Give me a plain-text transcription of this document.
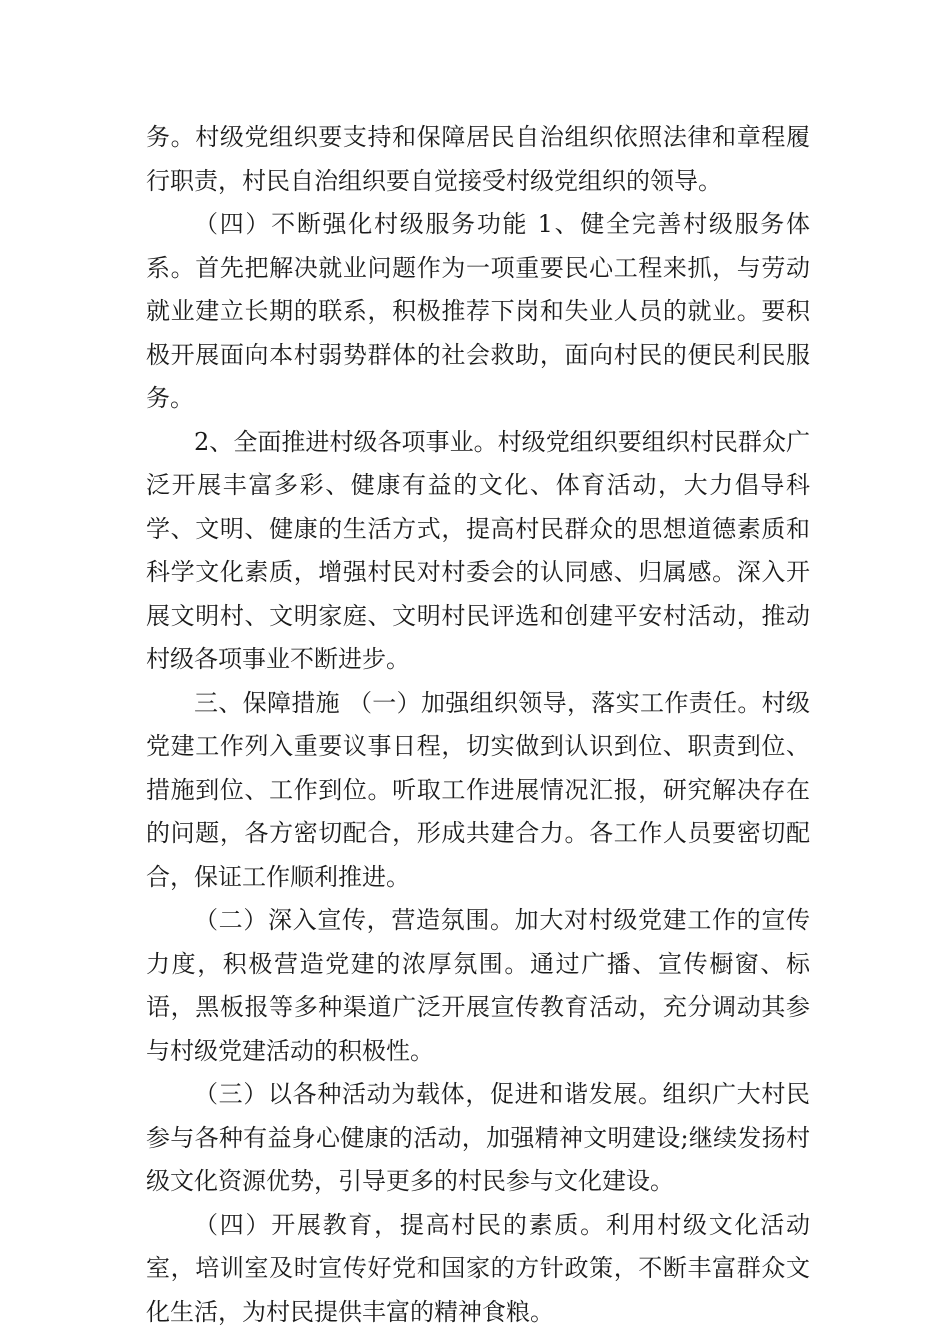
务。村级党组织要支持和保障居民自治组织依照法律和章程履行职责，村民自治组织要自觉接受村级党组织的领导。

（四）不断强化村级服务功能 1、健全完善村级服务体系。首先把解决就业问题作为一项重要民心工程来抓，与劳动就业建立长期的联系，积极推荐下岗和失业人员的就业。要积极开展面向本村弱势群体的社会救助，面向村民的便民利民服务。

2、全面推进村级各项事业。村级党组织要组织村民群众广泛开展丰富多彩、健康有益的文化、体育活动，大力倡导科学、文明、健康的生活方式，提高村民群众的思想道德素质和科学文化素质，增强村民对村委会的认同感、归属感。深入开展文明村、文明家庭、文明村民评选和创建平安村活动，推动村级各项事业不断进步。

三、保障措施 （一）加强组织领导，落实工作责任。村级党建工作列入重要议事日程，切实做到认识到位、职责到位、措施到位、工作到位。听取工作进展情况汇报，研究解决存在的问题，各方密切配合，形成共建合力。各工作人员要密切配合，保证工作顺利推进。

（二）深入宣传，营造氛围。加大对村级党建工作的宣传力度，积极营造党建的浓厚氛围。通过广播、宣传橱窗、标语，黑板报等多种渠道广泛开展宣传教育活动，充分调动其参与村级党建活动的积极性。

（三）以各种活动为载体，促进和谐发展。组织广大村民参与各种有益身心健康的活动，加强精神文明建设;继续发扬村级文化资源优势，引导更多的村民参与文化建设。

（四）开展教育，提高村民的素质。利用村级文化活动室，培训室及时宣传好党和国家的方针政策，不断丰富群众文化生活，为村民提供丰富的精神食粮。
